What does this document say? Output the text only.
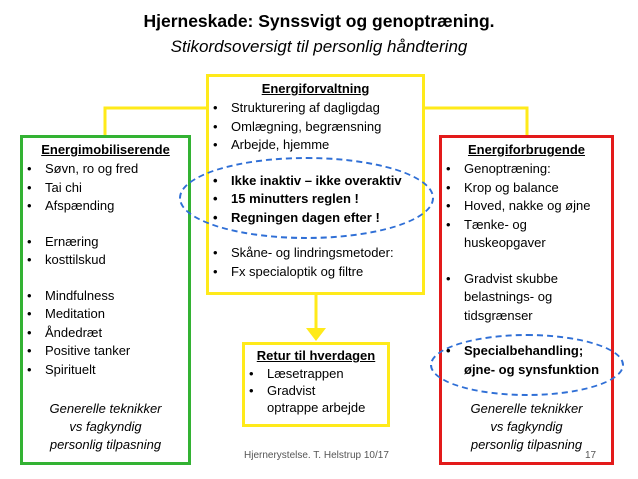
Hjerneskade: Synssvigt og genoptræning.
Stikordsoversigt til personlig håndtering
Energimobiliserende
• Søvn, ro og fred
• Tai chi
• Afspænding
• Ernæring
• kosttilskud
• Mindfulness
• Meditation
• Åndedræt
• Positive tanker
• Spirituelt
Generelle teknikker
vs fagkyndig
personlig tilpasning
Energiforvaltning
• Strukturering af dagligdag
• Omlægning, begrænsning
• Arbejde, hjemme
• Ikke inaktiv – ikke overaktiv
• 15 minutters reglen !
• Regningen dagen efter !
• Skåne- og lindringsmetoder:
• Fx specialoptik og filtre
Energiforbrugende
• Genoptræning:
• Krop og balance
• Hoved, nakke og øjne
• Tænke- og
huskeopgaver
• Gradvist skubbe
belastnings- og
tidsgrænser
• Specialbehandling;
øjne- og synsfunktion
Generelle teknikker
vs fagkyndig
personlig tilpasning
Retur til hverdagen
• Læsetrappen
• Gradvist
optrappe arbejde
Hjernerystelse. T. Helstrup 10/17	17
